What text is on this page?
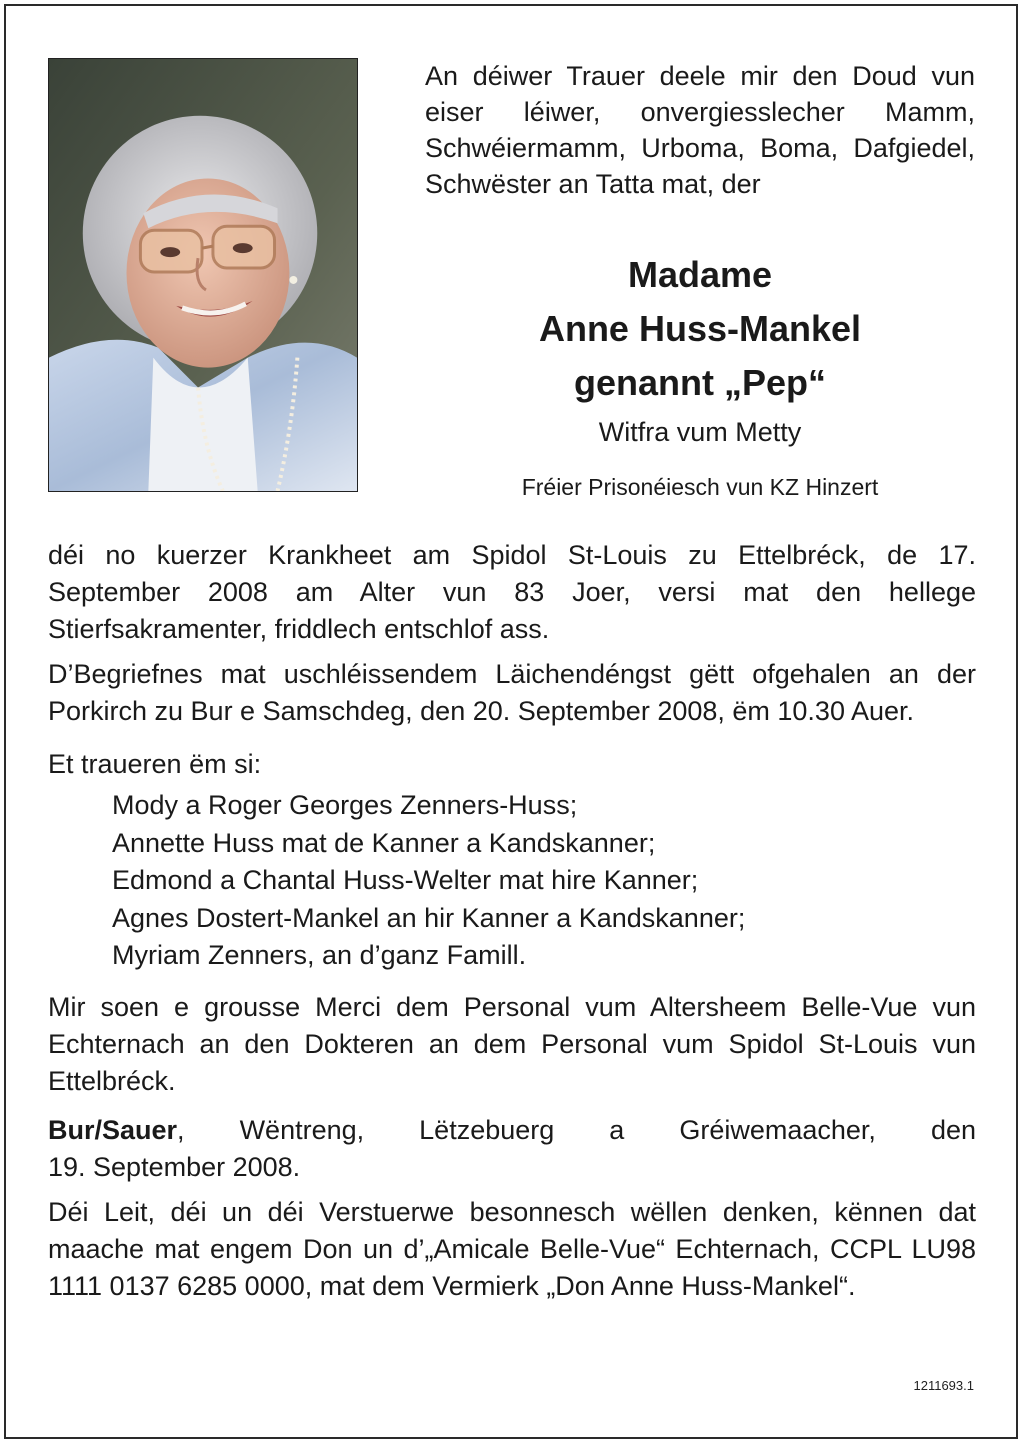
An déiwer Trauer deele mir den Doud vun eiser léiwer, onvergiesslecher Mamm, Schwéiermamm, Urboma, Boma, Dafgiedel, Schwëster an Tatta mat, der

Madame

Anne Huss-Mankel

genannt „Pep“

Witfra vum Metty

Fréier Prisonéiesch vun KZ Hinzert

déi no kuerzer Krankheet am Spidol St-Louis zu Ettelbréck, de 17. September 2008 am Alter vun 83 Joer, versi mat den hellege Stierfsakramenter, friddlech entschlof ass.

D’Begriefnes mat uschléissendem Läichendéngst gëtt ofgehalen an der Porkirch zu Bur e Samschdeg, den 20. September 2008, ëm 10.30 Auer.

Et traueren ëm si:

Mody a Roger Georges Zenners-Huss;
Annette Huss mat de Kanner a Kandskanner;
Edmond a Chantal Huss-Welter mat hire Kanner;
Agnes Dostert-Mankel an hir Kanner a Kandskanner;
Myriam Zenners, an d’ganz Famill.

Mir soen e grousse Merci dem Personal vum Altersheem Belle-Vue vun Echternach an den Dokteren an dem Personal vum Spidol St-Louis vun Ettelbréck.

Bur/Sauer, Wëntreng, Lëtzebuerg a Gréiwemaacher, den

19. September 2008.

Déi Leit, déi un déi Verstuerwe besonnesch wëllen denken, kënnen dat maache mat engem Don un d’„Amicale Belle-Vue“ Echternach, CCPL LU98 1111 0137 6285 0000, mat dem Vermierk „Don Anne Huss-Mankel“.

1211693.1
